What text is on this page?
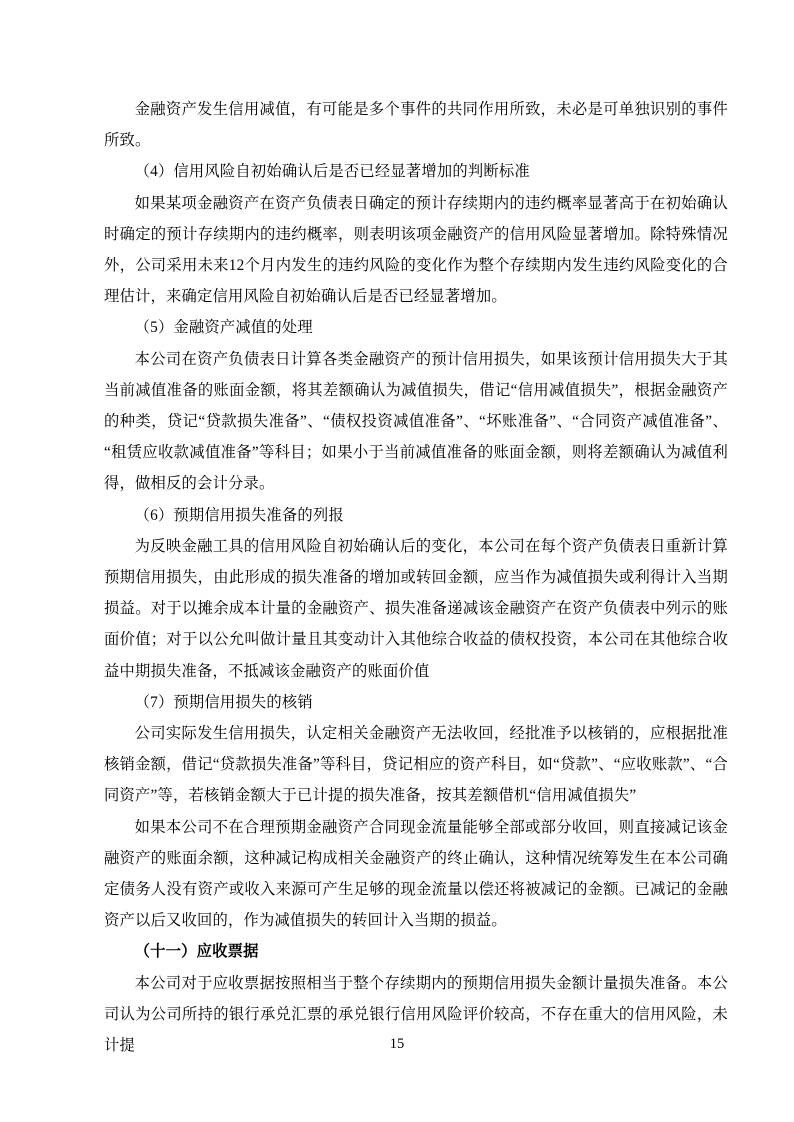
金融资产发生信用减值，有可能是多个事件的共同作用所致，未必是可单独识别的事件所致。

（4）信用风险自初始确认后是否已经显著增加的判断标准

如果某项金融资产在资产负债表日确定的预计存续期内的违约概率显著高于在初始确认时确定的预计存续期内的违约概率，则表明该项金融资产的信用风险显著增加。除特殊情况外，公司采用未来12个月内发生的违约风险的变化作为整个存续期内发生违约风险变化的合理估计，来确定信用风险自初始确认后是否已经显著增加。

（5）金融资产减值的处理

本公司在资产负债表日计算各类金融资产的预计信用损失，如果该预计信用损失大于其当前减值准备的账面金额，将其差额确认为减值损失，借记“信用减值损失”，根据金融资产的种类，贷记“贷款损失准备”、“债权投资减值准备”、“坏账准备”、“合同资产减值准备”、“租赁应收款减值准备”等科目；如果小于当前减值准备的账面金额，则将差额确认为减值利得，做相反的会计分录。

（6）预期信用损失准备的列报

为反映金融工具的信用风险自初始确认后的变化，本公司在每个资产负债表日重新计算预期信用损失，由此形成的损失准备的增加或转回金额，应当作为减值损失或利得计入当期损益。对于以摊余成本计量的金融资产、损失准备递减该金融资产在资产负债表中列示的账面价值；对于以公允叫做计量且其变动计入其他综合收益的债权投资，本公司在其他综合收益中期损失准备，不抵减该金融资产的账面价值

（7）预期信用损失的核销

公司实际发生信用损失，认定相关金融资产无法收回，经批准予以核销的，应根据批准核销金额，借记“贷款损失准备”等科目，贷记相应的资产科目，如“贷款”、“应收账款”、“合同资产”等，若核销金额大于已计提的损失准备，按其差额借机“信用减值损失”

如果本公司不在合理预期金融资产合同现金流量能够全部或部分收回，则直接减记该金融资产的账面余额，这种减记构成相关金融资产的终止确认，这种情况统筹发生在本公司确定债务人没有资产或收入来源可产生足够的现金流量以偿还将被减记的金额。已减记的金融资产以后又收回的，作为减值损失的转回计入当期的损益。

（十一）应收票据

本公司对于应收票据按照相当于整个存续期内的预期信用损失金额计量损失准备。本公司认为公司所持的银行承兑汇票的承兑银行信用风险评价较高，不存在重大的信用风险，未计提	15
